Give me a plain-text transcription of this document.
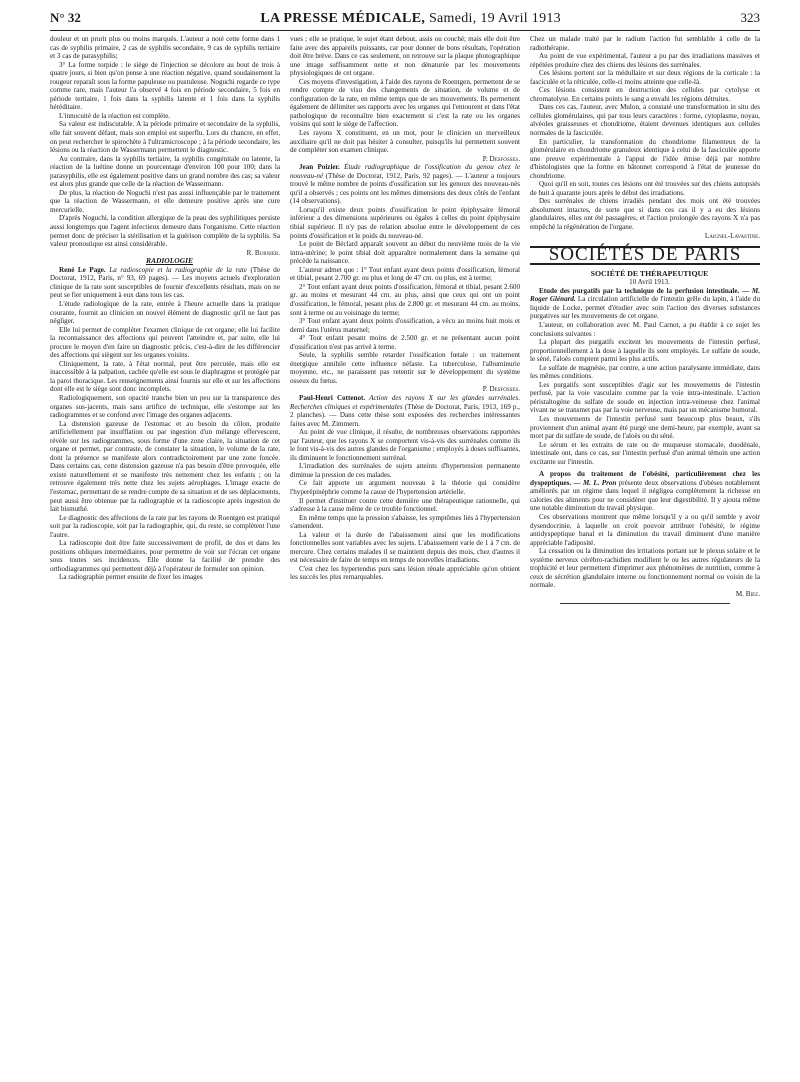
N° 32	LA PRESSE MÉDICALE, Samedi, 19 Avril 1913	323

douleur et un prurit plus ou moins marqués. L'auteur a noté cette forme dans 1 cas de syphilis primaire, 2 cas de syphilis secondaire, 9 cas de syphilis tertiaire et 3 cas de parasyphilis;

3° La forme torpide : le siège de l'injection se décolore au bout de trois à quatre jours, si bien qu'on pense à une réaction négative, quand soudainement la rougeur reparaît sous la forme papuleuse ou pustuleuse. Noguchi regarde ce type comme rare, mais l'auteur l'a observé 4 fois en période secondaire, 5 fois en période tertiaire, 1 fois dans la syphilis latente et 1 fois dans la syphilis héréditaire.

L'innocuité de la réaction est complète.

Sa valeur est indiscutable. A la période primaire et secondaire de la syphilis, elle fait souvent défaut, mais son emploi est superflu. Lors du chancre, en effet, on peut rechercher le spirochète à l'ultramicroscope ; à la période secondaire, les lésions ou la réaction de Wassermann permettent le diagnostic.

Au contraire, dans la syphilis tertiaire, la syphilis congénitale ou latente, la réaction de la luétine donne un pourcentage d'environ 100 pour 100; dans la parasyphilis, elle est également positive dans un grand nombre des cas; sa valeur est alors plus grande que celle de la réaction de Wassermann.

De plus, la réaction de Noguchi n'est pas aussi influençable par le traitement que la réaction de Wassermann, et elle demeure positive après une cure mercurielle.

D'après Noguchi, la condition allergique de la peau des syphilitiques persiste aussi longtemps que l'agent infectieux demeure dans l'organisme. Cette réaction permet donc de préciser la stérilisation et la guérison complète de la syphilis. Sa valeur pronostique est ainsi considérable.

R. Burnier.

RADIOLOGIE

René Le Page. La radioscopie et la radiographie de la rate (Thèse de Doctorat, 1912, Paris, n° 93, 69 pages). — Les moyens actuels d'exploration clinique de la rate sont susceptibles de fournir d'excellents résultats, mais on ne peut se fier uniquement à eux dans tous les cas.

L'étude radiologique de la rate, entrée à l'heure actuelle dans la pratique courante, fournit au clinicien un nouvel élément de diagnostic qu'il ne faut pas négliger.

Elle lui permet de compléter l'examen clinique de cet organe; elle lui facilite la reconnaissance des affections qui peuvent l'atteindre et, par suite, elle lui procure le moyen d'en faire un diagnostic précis, c'est-à-dire de les différencier des affections qui siègent sur les organes voisins.

Cliniquement, la rate, à l'état normal, peut être percutée, mais elle est inaccessible à la palpation, cachée qu'elle est sous le diaphragme et protégée par la paroi thoracique. Les renseignements ainsi fournis sur elle et sur les affections dont elle est le siège sont donc incomplets.

Radiologiquement, son opacité tranche bien un peu sur la transparence des organes sus-jacents, mais sans artifice de technique, elle s'estompe sur les radiogrammes et se confond avec l'image des organes adjacents.

La distension gazeuse de l'estomac et au besoin du côlon, produite artificiellement par insufflation ou par ingestion d'un mélange effervescent, révèle sur les radiogrammes, sous forme d'une zone claire, la situation de cet organe et permet, par contraste, de constater la situation, le volume de la rate, dont la présence se manifeste alors contradictoirement par une zone foncée. Dans certains cas, cette distension gazeuse n'a pas besoin d'être provoquée, elle existe naturellement et se manifeste très nettement chez les enfants ; on la retrouve également très nette chez les sujets aérophages. L'image exacte de l'estomac, permettant de se rendre compte de sa situation et de ses déplacements, peut aussi être obtenue par la radiographie et la radioscopie après ingestion de lait bismuthé.

Le diagnostic des affections de la rate par les rayons de Roentgen est pratiqué soit par la radioscopie, soit par la radiographie, qui, du reste, se complètent l'une l'autre.

La radioscopie doit être faite successivement de profil, de dos et dans les positions obliques intermédiaires, pour permettre de voir sur l'écran cet organe sous toutes ses incidences. Elle donne la facilité de prendre des orthodiagrammes qui permettent déjà à l'opérateur de formuler son opinion.

La radiographie permet ensuite de fixer les images

vues ; elle se pratique, le sujet étant debout, assis ou couché; mais elle doit être faite avec des appareils puissants, car pour donner de bons résultats, l'opération doit être brève. Dans ce cas seulement, on retrouve sur la plaque photographique une image suffisamment nette et non dénaturée par les mouvements physiologiques de cet organe.

Ces moyens d'investigation, à l'aide des rayons de Roentgen, permettent de se rendre compte de visu des changements de situation, de volume et de configuration de la rate, en même temps que de ses mouvements. Ils permettent également de délimiter ses rapports avec les organes qui l'entourent et dans l'état pathologique de reconnaître bien exactement si c'est la rate ou les organes voisins qui sont le siège de l'affection.

Les rayons X constituent, en un mot, pour le clinicien un merveilleux auxiliaire qu'il ne doit pas hésiter à consulter, puisqu'ils lui permettent souvent de compléter son examen clinique.

P. Desfosses.

Jean Poizier. Étude radiographique de l'ossification du genou chez le nouveau-né (Thèse de Doctorat, 1912, Paris, 92 pages). — L'auteur a toujours trouvé le même nombre de points d'ossification sur les genoux des nouveau-nés qu'il a observés ; ces points ont les mêmes dimensions des deux côtés de l'enfant (14 observations).

Lorsqu'il existe deux points d'ossification le point épiphysaire fémoral inférieur a des dimensions supérieures ou égales à celles du point épiphysaire tibial supérieur. Il n'y pas de relation absolue entre le développement de ces points d'ossification et le poids du nouveau-né.

Le point de Béclard apparaît souvent au début du neuvième mois de la vie intra-utérine; le point tibial doit apparaître normalement dans la semaine qui précède la naissance.

L'auteur admet que : 1° Tout enfant ayant deux points d'ossification, fémoral et tibial, pesant 2.700 gr. ou plus et long de 47 cm. ou plus, est à terme;

2° Tout enfant ayant deux points d'ossification, fémoral et tibial, pesant 2.600 gr. au moins et mesurant 44 cm. au plus, ainsi que ceux qui ont un point d'ossification, le fémoral, pesant plus de 2.800 gr. et mesurant 44 cm. au moins, sont à terme ou au voisinage du terme;

3° Tout enfant ayant deux points d'ossification, a vécu au moins huit mois et demi dans l'utérus maternel;

4° Tout enfant pesant moins de 2.500 gr. et ne présentant aucun point d'ossification n'est pas arrivé à terme.

Seule, la syphilis semble retarder l'ossification fœtale : un traitement énergique annihile cette influence néfaste. La tuberculose, l'albuminurie moyenne, etc., ne paraissent pas retentir sur le développement du système osseux du fœtus.

P. Desfosses.

Paul-Henri Cottenot. Action des rayons X sur les glandes surrénales. Recherches cliniques et expérimentales (Thèse de Doctorat, Paris, 1913, 169 p., 2 planches). — Dans cette thèse sont exposées des recherches intéressantes faites avec M. Zimmern.

Au point de vue clinique, il résulte, de nombreuses observations rapportées par l'auteur, que les rayons X se comportent vis-à-vis des surrénales comme ils le font vis-à-vis des autres glandes de l'organisme ; employés à doses suffisantes, ils diminuent le fonctionnement surrénal.

L'irradiation des surrénales de sujets atteints d'hypertension permanente diminue la pression de ces malades.

Ce fait apporte un argument nouveau à la théorie qui considère l'hyperépinéphrie comme la cause de l'hypertension artérielle.

Il permet d'instituer contre cette dernière une thérapeutique rationnelle, qui s'adresse à la cause même de ce trouble fonctionnel.

En même temps que la pression s'abaisse, les symptômes liés à l'hypertension s'amendent.

La valeur et la durée de l'abaissement ainsi que les modifications fonctionnelles sont variables avec les sujets. L'abaissement varie de 1 à 7 cm. de mercure. Chez certains malades il se maintient depuis des mois, chez d'autres il est nécessaire de faire de temps en temps de nouvelles irradiations.

C'est chez les hypertendus purs sans lésion rénale appréciable qu'on obtient les succès les plus remarquables.

Chez un malade traité par le radium l'action fut semblable à celle de la radiothérapie.

Au point de vue expérimental, l'auteur a pu par des irradiations massives et répétées produire chez des chiens des lésions des surrénales.

Ces lésions portent sur la médullaire et sur deux régions de la corticale : la fasciculée et la réticulée, celle-ci moins atteinte que celle-là.

Ces lésions consistent en destruction des cellules par cytolyse et chromatolyse. En certains points le sang a envahi les régions détruites.

Dans ces cas, l'auteur, avec Mulon, a constaté une transformation in situ des cellules glomérulaires, qui par tous leurs caractères : forme, cytoplasme, noyau, alvéoles graisseuses et chondriome, étaient devenues identiques aux cellules normales de la fasciculée.

En particulier, la transformation du chondriome filamenteux de la glomérulaire en chondriome granuleux identique à celui de la fasciculée apporte une preuve expérimentale à l'appui de l'idée émise déjà par nombre d'histologistes que la forme en bâtonnet correspond à l'état de jeunesse du chondriome.

Quoi qu'il en soit, toutes ces lésions ont été trouvées sur des chiens autopsiés de huit à quarante jours après le début des irradiations.

Des surrénales de chiens irradiés pendant des mois ont été trouvées absolument intactes, de sorte que si dans ces cas il y a eu des lésions glandulaires, elles ont été passagères, et l'action prolongée des rayons X n'a pas empêché la régénération de l'organe.

Laignel-Lavastine.

SOCIÉTÉS DE PARIS

SOCIÉTÉ DE THÉRAPEUTIQUE

10 Avril 1913.

Etude des purgatifs par la technique de la perfusion intestinale. — M. Roger Glénard. La circulation artificielle de l'intestin grêle du lapin, à l'aide du liquide de Locke, permet d'étudier avec soin l'action des diverses substances purgatives sur les mouvements de cet organe.

L'auteur, en collaboration avec M. Paul Carnot, a pu établir à ce sujet les conclusions suivantes :

La plupart des purgatifs excitent les mouvements de l'intestin perfusé, proportionnellement à la dose à laquelle ils sont employés. Le sulfate de soude, le séné, l'aloès comptent parmi les plus actifs.

Le sulfate de magnésie, par contre, a une action paralysante immédiate, dans les mêmes conditions.

Les purgatifs sont susceptibles d'agir sur les mouvements de l'intestin perfusé, par la voie vasculaire comme par la voie intra-intestinale. L'action péristaltogène du sulfate de soude en injection intra-veineuse chez l'animal vivant ne se transmet pas par la voie nerveuse, mais par un mécanisme humoral.

Les mouvements de l'intestin perfusé sont beaucoup plus beaux, s'ils proviennent d'un animal ayant été purgé une demi-heure, par exemple, avant sa mort par du sulfate de soude, de l'aloès ou du séné.

Le sérum et les extraits de rate ou de muqueuse stomacale, duodénale, intestinale ont, dans ce cas, sur l'intestin perfusé d'un animal témoin une action excitante sur l'intestin.

A propos du traitement de l'obésité, particulièrement chez les dyspeptiques. — M. L. Pron présente deux observations d'obèses notablement améliorés par un régime dans lequel il négligea complètement la richesse en calories des aliments pour ne considérer que leur digestibilité. Il y ajouta même une notable diminution du travail physique.

Ces observations montrent que même lorsqu'il y a ou qu'il semble y avoir dysendocrinie, à laquelle on croit pouvoir attribuer l'obésité, le régime antidyspeptique banal et la diminution du travail diminuent d'une manière appréciable l'adiposité.

La cessation ou la diminution des irritations portant sur le plexus solaire et le système nerveux cérébro-rachidien modifient le ou les autres régulateurs de la trophicité et leur permettent d'imprimer aux phénomènes de nutrition, comme à ceux de sécrétion glandulaire interne ou fonctionnement normal ou voisin de la normale.

M. Biez.
